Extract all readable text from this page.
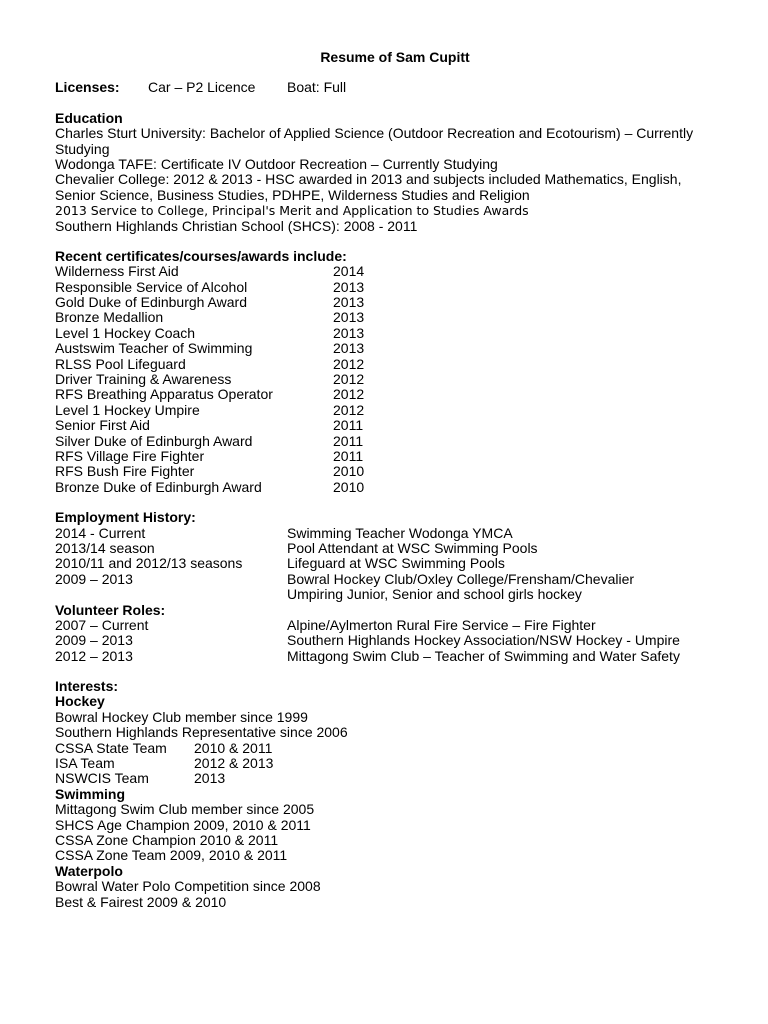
Resume of Sam Cupitt
Licenses: Car – P2 Licence Boat: Full
Education
Charles Sturt University: Bachelor of Applied Science (Outdoor Recreation and Ecotourism) – Currently
Studying
Wodonga TAFE: Certificate IV Outdoor Recreation – Currently Studying
Chevalier College: 2012 & 2013 - HSC awarded in 2013 and subjects included Mathematics, English,
Senior Science, Business Studies, PDHPE, Wilderness Studies and Religion
2013 Service to College, Principal's Merit and Application to Studies Awards
Southern Highlands Christian School (SHCS): 2008 - 2011
Recent certificates/courses/awards include:
Wilderness First Aid	2014
Responsible Service of Alcohol	2013
Gold Duke of Edinburgh Award	2013
Bronze Medallion	2013
Level 1 Hockey Coach	2013
Austswim Teacher of Swimming	2013
RLSS Pool Lifeguard	2012
Driver Training & Awareness	2012
RFS Breathing Apparatus Operator	2012
Level 1 Hockey Umpire	2012
Senior First Aid	2011
Silver Duke of Edinburgh Award	2011
RFS Village Fire Fighter	2011
RFS Bush Fire Fighter	2010
Bronze Duke of Edinburgh Award	2010
Employment History:
2014 - Current	Swimming Teacher Wodonga YMCA
2013/14 season	Pool Attendant at WSC Swimming Pools
2010/11 and 2012/13 seasons	Lifeguard at WSC Swimming Pools
2009 – 2013	Bowral Hockey Club/Oxley College/Frensham/Chevalier
Umpiring Junior, Senior and school girls hockey
Volunteer Roles:
2007 – Current	Alpine/Aylmerton Rural Fire Service – Fire Fighter
2009 – 2013	Southern Highlands Hockey Association/NSW Hockey - Umpire
2012 – 2013	Mittagong Swim Club – Teacher of Swimming and Water Safety
Interests:
Hockey
Bowral Hockey Club member since 1999
Southern Highlands Representative since 2006
CSSA State Team 2010 & 2011
ISA Team	2012 & 2013
NSWCIS Team	2013
Swimming
Mittagong Swim Club member since 2005
SHCS Age Champion 2009, 2010 & 2011
CSSA Zone Champion 2010 & 2011
CSSA Zone Team 2009, 2010 & 2011
Waterpolo
Bowral Water Polo Competition since 2008
Best & Fairest 2009 & 2010
